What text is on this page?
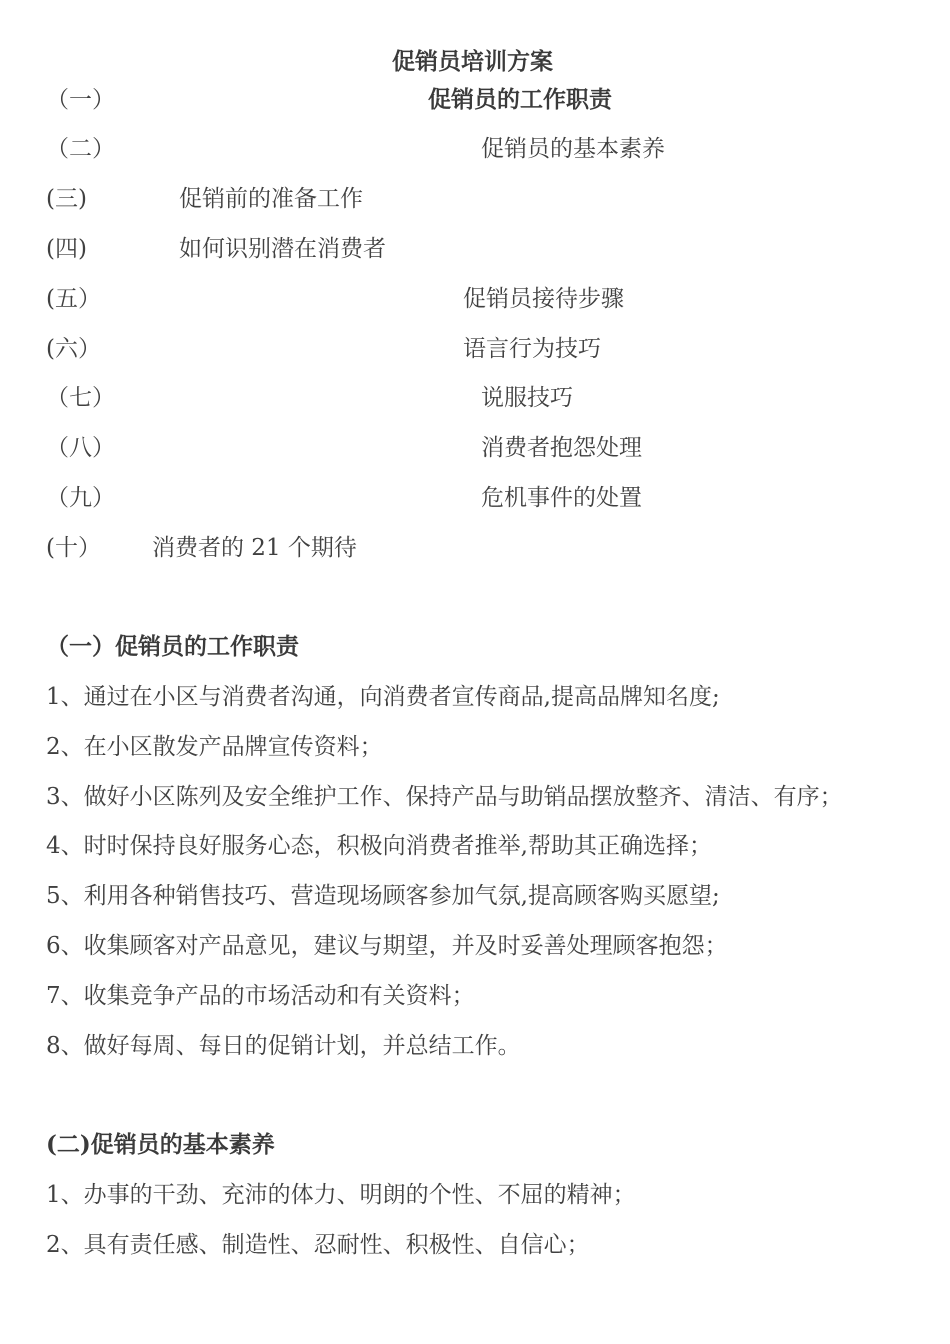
促销员培训方案
（一）	促销员的工作职责
（二）	促销员的基本素养
(三)	促销前的准备工作
(四)	如何识别潜在消费者
(五）	促销员接待步骤
(六）	语言行为技巧
（七）	说服技巧
（八）	消费者抱怨处理
（九）	危机事件的处置
(十） 消费者的 21 个期待
（一）促销员的工作职责
1、通过在小区与消费者沟通，向消费者宣传商品,提高品牌知名度;
2、在小区散发产品牌宣传资料；
3、做好小区陈列及安全维护工作、保持产品与助销品摆放整齐、清洁、有序；
4、时时保持良好服务心态，积极向消费者推举,帮助其正确选择；
5、利用各种销售技巧、营造现场顾客参加气氛,提高顾客购买愿望;
6、收集顾客对产品意见，建议与期望，并及时妥善处理顾客抱怨；
7、收集竞争产品的市场活动和有关资料；
8、做好每周、每日的促销计划，并总结工作。
(二)促销员的基本素养
1、办事的干劲、充沛的体力、明朗的个性、不屈的精神；
2、具有责任感、制造性、忍耐性、积极性、自信心；
